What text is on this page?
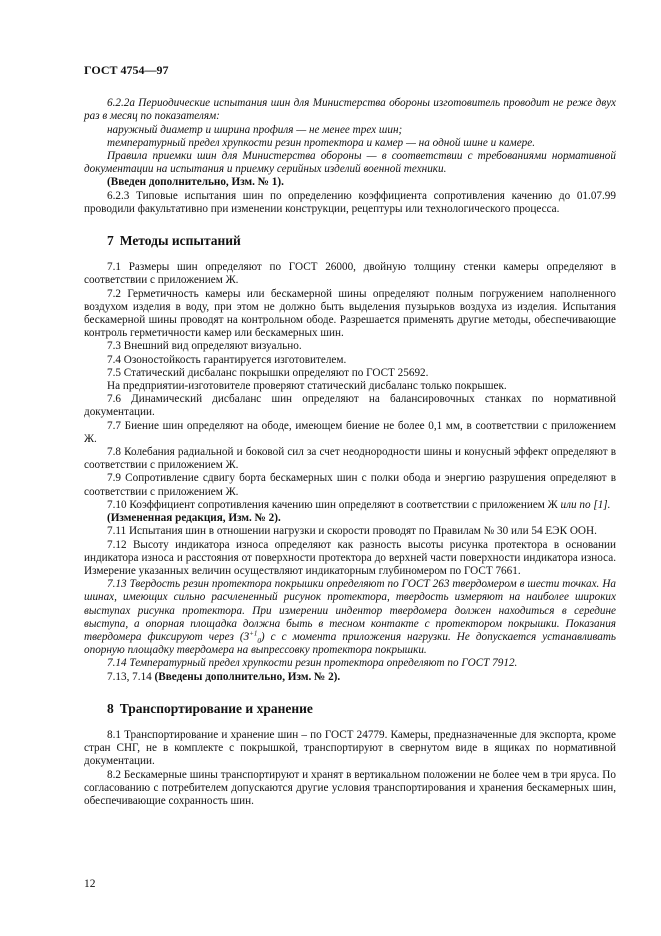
ГОСТ 4754—97

6.2.2а Периодические испытания шин для Министерства обороны изготовитель проводит не реже двух раз в месяц по показателям:

наружный диаметр и ширина профиля — не менее трех шин;

температурный предел хрупкости резин протектора и камер — на одной шине и камере.

Правила приемки шин для Министерства обороны — в соответствии с требованиями нормативной документации на испытания и приемку серийных изделий военной техники.

(Введен дополнительно, Изм. № 1).

6.2.3 Типовые испытания шин по определению коэффициента сопротивления качению до 01.07.99 проводили факультативно при изменении конструкции, рецептуры или технологического процесса.

7 Методы испытаний

7.1 Размеры шин определяют по ГОСТ 26000, двойную толщину стенки камеры определяют в соответствии с приложением Ж.

7.2 Герметичность камеры или бескамерной шины определяют полным погружением наполненного воздухом изделия в воду, при этом не должно быть выделения пузырьков воздуха из изделия. Испытания бескамерной шины проводят на контрольном ободе. Разрешается применять другие методы, обеспечивающие контроль герметичности камер или бескамерных шин.

7.3 Внешний вид определяют визуально.

7.4 Озоностойкость гарантируется изготовителем.

7.5 Статический дисбаланс покрышки определяют по ГОСТ 25692.

На предприятии-изготовителе проверяют статический дисбаланс только покрышек.

7.6 Динамический дисбаланс шин определяют на балансировочных станках по нормативной документации.

7.7 Биение шин определяют на ободе, имеющем биение не более 0,1 мм, в соответствии с приложением Ж.

7.8 Колебания радиальной и боковой сил за счет неоднородности шины и конусный эффект определяют в соответствии с приложением Ж.

7.9 Сопротивление сдвигу борта бескамерных шин с полки обода и энергию разрушения определяют в соответствии с приложением Ж.

7.10 Коэффициент сопротивления качению шин определяют в соответствии с приложением Ж или по [1].

(Измененная редакция, Изм. № 2).

7.11 Испытания шин в отношении нагрузки и скорости проводят по Правилам № 30 или 54 ЕЭК ООН.

7.12 Высоту индикатора износа определяют как разность высоты рисунка протектора в основании индикатора износа и расстояния от поверхности протектора до верхней части поверхности индикатора износа. Измерение указанных величин осуществляют индикаторным глубиномером по ГОСТ 7661.

7.13 Твердость резин протектора покрышки определяют по ГОСТ 263 твердомером в шести точках. На шинах, имеющих сильно расчлененный рисунок протектора, твердость измеряют на наиболее широких выступах рисунка протектора. При измерении индентор твердомера должен находиться в середине выступа, а опорная площадка должна быть в тесном контакте с протектором покрышки. Показания твердомера фиксируют через $(3^{+1}_0)$ с с момента приложения нагрузки. Не допускается устанавливать опорную площадку твердомера на выпрессовку протектора покрышки.

7.14 Температурный предел хрупкости резин протектора определяют по ГОСТ 7912.

7.13, 7.14 (Введены дополнительно, Изм. № 2).

8 Транспортирование и хранение

8.1 Транспортирование и хранение шин – по ГОСТ 24779. Камеры, предназначенные для экспорта, кроме стран СНГ, не в комплекте с покрышкой, транспортируют в свернутом виде в ящиках по нормативной документации.

8.2 Бескамерные шины транспортируют и хранят в вертикальном положении не более чем в три яруса. По согласованию с потребителем допускаются другие условия транспортирования и хранения бескамерных шин, обеспечивающие сохранность шин.

12
